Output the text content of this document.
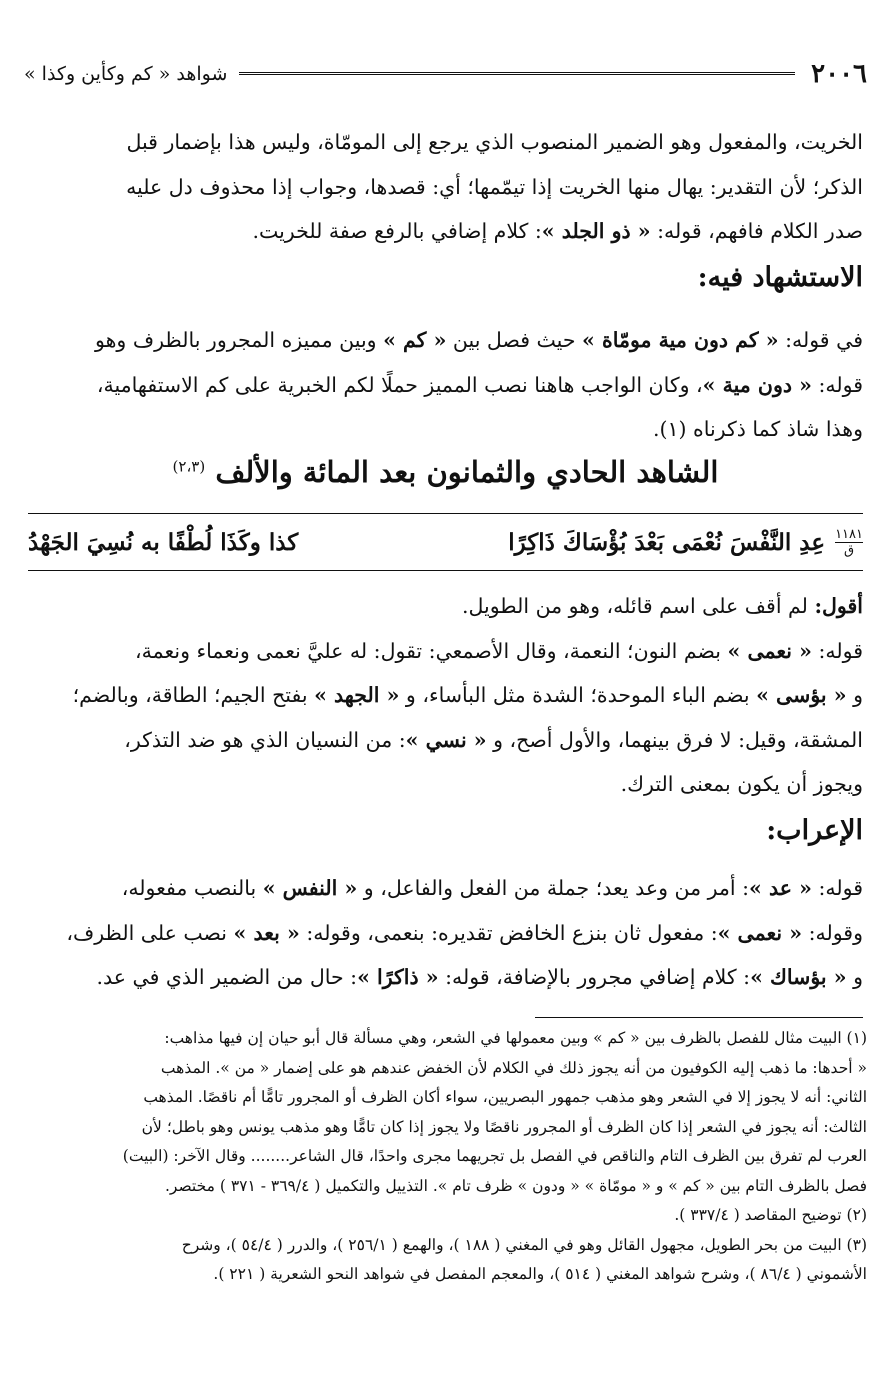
٢٠٠٦
شواهد « كم وكأين وكذا »

الخريت، والمفعول وهو الضمير المنصوب الذي يرجع إلى المومّاة، وليس هذا بإضمار قبل

الذكر؛ لأن التقدير: يهال منها الخريت إذا تيمّمها؛ أي: قصدها، وجواب إذا محذوف دل عليه

صدر الكلام فافهم، قوله: « ذو الجلد »: كلام إضافي بالرفع صفة للخريت.

الاستشهاد فيه:

في قوله: « كم دون مية مومّاة » حيث فصل بين « كم » وبين مميزه المجرور بالظرف وهو

قوله: « دون مية »، وكان الواجب هاهنا نصب المميز حملًا لكم الخبرية على كم الاستفهامية،

وهذا شاذ كما ذكرناه (١).

الشاهد الحادي والثمانون بعد المائة والألف $^{(٢،٣)}$
١١٨١
ق
عِدِ النَّفْسَ نُعْمَى بَعْدَ بُؤْسَاكَ ذَاكِرًا
كذا وكَذَا لُطْفًا به نُسِيَ الجَهْدُ

أقول: لم أقف على اسم قائله، وهو من الطويل.

قوله: « نعمى » بضم النون؛ النعمة، وقال الأصمعي: تقول: له عليَّ نعمى ونعماء ونعمة،

و « بؤسى » بضم الباء الموحدة؛ الشدة مثل البأساء، و « الجهد » بفتح الجيم؛ الطاقة، وبالضم؛

المشقة، وقيل: لا فرق بينهما، والأول أصح، و « نسي »: من النسيان الذي هو ضد التذكر،

ويجوز أن يكون بمعنى الترك.

الإعراب:

قوله: « عد »: أمر من وعد يعد؛ جملة من الفعل والفاعل، و « النفس » بالنصب مفعوله،

وقوله: « نعمى »: مفعول ثان بنزع الخافض تقديره: بنعمى، وقوله: « بعد » نصب على الظرف،

و « بؤساك »: كلام إضافي مجرور بالإضافة، قوله: « ذاكرًا »: حال من الضمير الذي في عد.

(١) البيت مثال للفصل بالظرف بين « كم » وبين معمولها في الشعر، وهي مسألة قال أبو حيان إن فيها مذاهب:

« أحدها: ما ذهب إليه الكوفيون من أنه يجوز ذلك في الكلام لأن الخفض عندهم هو على إضمار « من ». المذهب

الثاني: أنه لا يجوز إلا في الشعر وهو مذهب جمهور البصريين، سواء أكان الظرف أو المجرور تامًّا أم ناقصًا. المذهب

الثالث: أنه يجوز في الشعر إذا كان الظرف أو المجرور ناقصًا ولا يجوز إذا كان تامًّا وهو مذهب يونس وهو باطل؛ لأن

العرب لم تفرق بين الظرف التام والناقص في الفصل بل تجريهما مجرى واحدًا، قال الشاعر........ وقال الآخر: (البيت)

فصل بالظرف التام بين « كم » و « مومّاة » « ودون » ظرف تام ». التذييل والتكميل ( ٣٦٩/٤ - ٣٧١ ) مختصر.

(٢) توضيح المقاصد ( ٣٣٧/٤ ).

(٣) البيت من بحر الطويل، مجهول القائل وهو في المغني ( ١٨٨ )، والهمع ( ٢٥٦/١ )، والدرر ( ٥٤/٤ )، وشرح

الأشموني ( ٨٦/٤ )، وشرح شواهد المغني ( ٥١٤ )، والمعجم المفصل في شواهد النحو الشعرية ( ٢٢١ ).
